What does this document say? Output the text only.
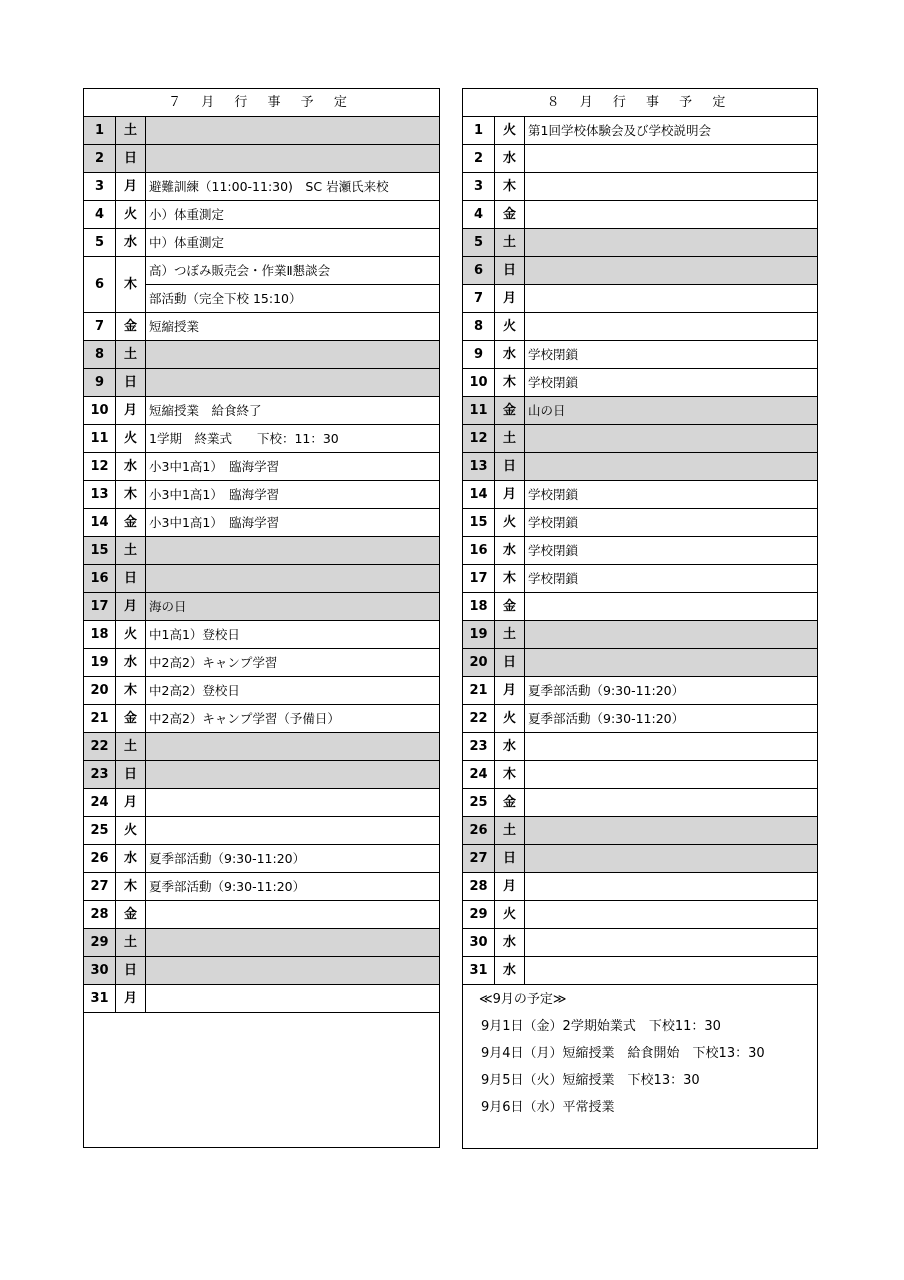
７ 月 行 事 予 定		
1	土	
2	日	
3	月	避難訓練（11:00-11:30)　SC 岩瀬氏来校
4	火	小）体重測定
5	水	中）体重測定
6	木	高）つぼみ販売会・作業Ⅱ懇談会
		部活動（完全下校 15:10）
7	金	短縮授業
8	土	
9	日	
10	月	短縮授業　給食終了
11	火	1学期　終業式　　下校：11：30
12	水	小3中1高1）　臨海学習
13	木	小3中1高1）　臨海学習
14	金	小3中1高1）　臨海学習
15	土	
16	日	
17	月	海の日
18	火	中1高1）登校日
19	水	中2高2）キャンプ学習
20	木	中2高2）登校日
21	金	中2高2）キャンプ学習（予備日）
22	土	
23	日	
24	月	
25	火	
26	水	夏季部活動（9:30-11:20）
27	木	夏季部活動（9:30-11:20）
28	金	
29	土	
30	日	
31	月	

８ 月 行 事 予 定		
1	火	第1回学校体験会及び学校説明会
2	水	
3	木	
4	金	
5	土	
6	日	
7	月	
8	火	
9	水	学校閉鎖
10	木	学校閉鎖
11	金	山の日
12	土	
13	日	
14	月	学校閉鎖
15	火	学校閉鎖
16	水	学校閉鎖
17	木	学校閉鎖
18	金	
19	土	
20	日	
21	月	夏季部活動（9:30-11:20）
22	火	夏季部活動（9:30-11:20）
23	水	
24	木	
25	金	
26	土	
27	日	
28	月	
29	火	
30	水	
31	水	

≪9月の予定≫
9月1日（金）2学期始業式　下校11：30
9月4日（月）短縮授業　給食開始　下校13：30
9月5日（火）短縮授業　下校13：30
9月6日（水）平常授業		
